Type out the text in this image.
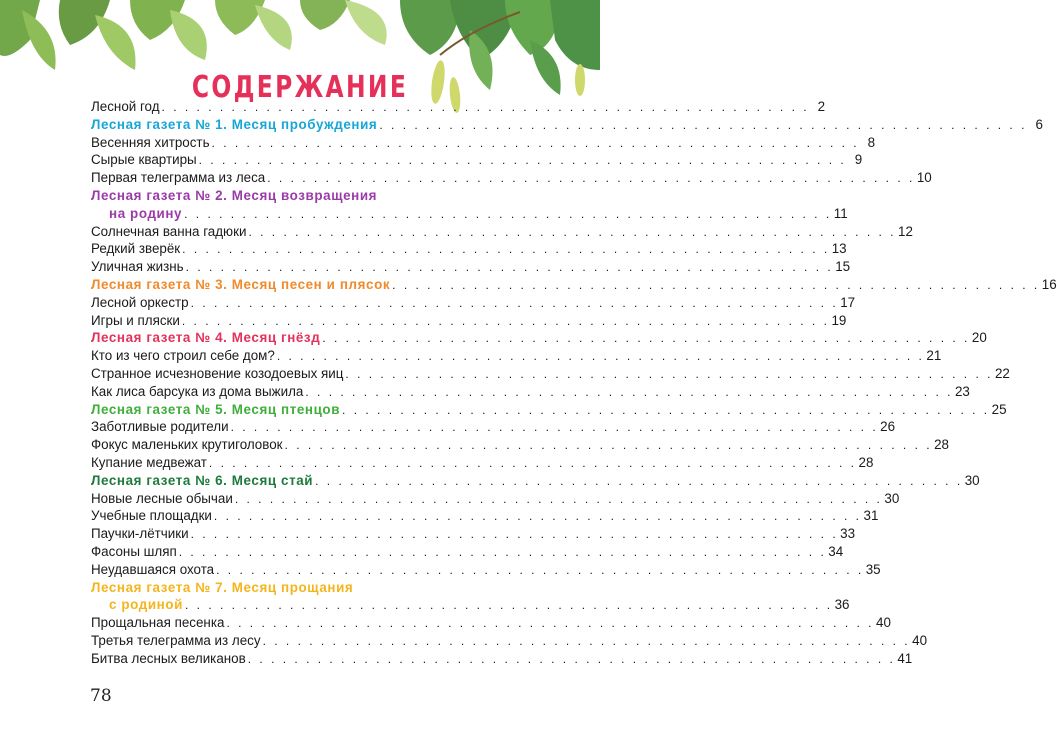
СОДЕРЖАНИЕ
Лесной год . . . . . . . . . . . . . . . . . . . . . . . . . . . . . . . . . . . . . . . . . . . . . . . . . . . . . . . . 2
Лесная газета № 1. Месяц пробуждения . . . . . . . . . . . . . . . . . . . . . . . . . . . . . . . . . . . . . . . . . . . . . . . . . . . . . . . . 6
Весенняя хитрость . . . . . . . . . . . . . . . . . . . . . . . . . . . . . . . . . . . . . . . . . . . . . . . . . . . . . . . . 8
Сырые квартиры . . . . . . . . . . . . . . . . . . . . . . . . . . . . . . . . . . . . . . . . . . . . . . . . . . . . . . . . 9
Первая телеграмма из леса . . . . . . . . . . . . . . . . . . . . . . . . . . . . . . . . . . . . . . . . . . . . . . . . . . . . . . . . 10
Лесная газета № 2. Месяц возвращения
на родину . . . . . . . . . . . . . . . . . . . . . . . . . . . . . . . . . . . . . . . . . . . . . . . . . . . . . . . . 11
Солнечная ванна гадюки . . . . . . . . . . . . . . . . . . . . . . . . . . . . . . . . . . . . . . . . . . . . . . . . . . . . . . . . 12
Редкий зверёк . . . . . . . . . . . . . . . . . . . . . . . . . . . . . . . . . . . . . . . . . . . . . . . . . . . . . . . . 13
Уличная жизнь . . . . . . . . . . . . . . . . . . . . . . . . . . . . . . . . . . . . . . . . . . . . . . . . . . . . . . . . 15
Лесная газета № 3. Месяц песен и плясок . . . . . . . . . . . . . . . . . . . . . . . . . . . . . . . . . . . . . . . . . . . . . . . . . . . . . . . . 16
Лесной оркестр . . . . . . . . . . . . . . . . . . . . . . . . . . . . . . . . . . . . . . . . . . . . . . . . . . . . . . . . 17
Игры и пляски . . . . . . . . . . . . . . . . . . . . . . . . . . . . . . . . . . . . . . . . . . . . . . . . . . . . . . . . 19
Лесная газета № 4. Месяц гнёзд . . . . . . . . . . . . . . . . . . . . . . . . . . . . . . . . . . . . . . . . . . . . . . . . . . . . . . . . 20
Кто из чего строил себе дом? . . . . . . . . . . . . . . . . . . . . . . . . . . . . . . . . . . . . . . . . . . . . . . . . . . . . . . . . 21
Странное исчезновение козодоевых яиц . . . . . . . . . . . . . . . . . . . . . . . . . . . . . . . . . . . . . . . . . . . . . . . . . . . . . . . . 22
Как лиса барсука из дома выжила . . . . . . . . . . . . . . . . . . . . . . . . . . . . . . . . . . . . . . . . . . . . . . . . . . . . . . . . 23
Лесная газета № 5. Месяц птенцов . . . . . . . . . . . . . . . . . . . . . . . . . . . . . . . . . . . . . . . . . . . . . . . . . . . . . . . . 25
Заботливые родители . . . . . . . . . . . . . . . . . . . . . . . . . . . . . . . . . . . . . . . . . . . . . . . . . . . . . . . . 26
Фокус маленьких крутиголовок . . . . . . . . . . . . . . . . . . . . . . . . . . . . . . . . . . . . . . . . . . . . . . . . . . . . . . . . 28
Купание медвежат . . . . . . . . . . . . . . . . . . . . . . . . . . . . . . . . . . . . . . . . . . . . . . . . . . . . . . . . 28
Лесная газета № 6. Месяц стай . . . . . . . . . . . . . . . . . . . . . . . . . . . . . . . . . . . . . . . . . . . . . . . . . . . . . . . . 30
Новые лесные обычаи . . . . . . . . . . . . . . . . . . . . . . . . . . . . . . . . . . . . . . . . . . . . . . . . . . . . . . . . 30
Учебные площадки . . . . . . . . . . . . . . . . . . . . . . . . . . . . . . . . . . . . . . . . . . . . . . . . . . . . . . . . 31
Паучки-лётчики . . . . . . . . . . . . . . . . . . . . . . . . . . . . . . . . . . . . . . . . . . . . . . . . . . . . . . . . 33
Фасоны шляп . . . . . . . . . . . . . . . . . . . . . . . . . . . . . . . . . . . . . . . . . . . . . . . . . . . . . . . . 34
Неудавшаяся охота . . . . . . . . . . . . . . . . . . . . . . . . . . . . . . . . . . . . . . . . . . . . . . . . . . . . . . . . 35
Лесная газета № 7. Месяц прощания
с родиной . . . . . . . . . . . . . . . . . . . . . . . . . . . . . . . . . . . . . . . . . . . . . . . . . . . . . . . . 36
Прощальная песенка . . . . . . . . . . . . . . . . . . . . . . . . . . . . . . . . . . . . . . . . . . . . . . . . . . . . . . . . 40
Третья телеграмма из лесу . . . . . . . . . . . . . . . . . . . . . . . . . . . . . . . . . . . . . . . . . . . . . . . . . . . . . . . . 40
Битва лесных великанов . . . . . . . . . . . . . . . . . . . . . . . . . . . . . . . . . . . . . . . . . . . . . . . . . . . . . . . . 41
78
